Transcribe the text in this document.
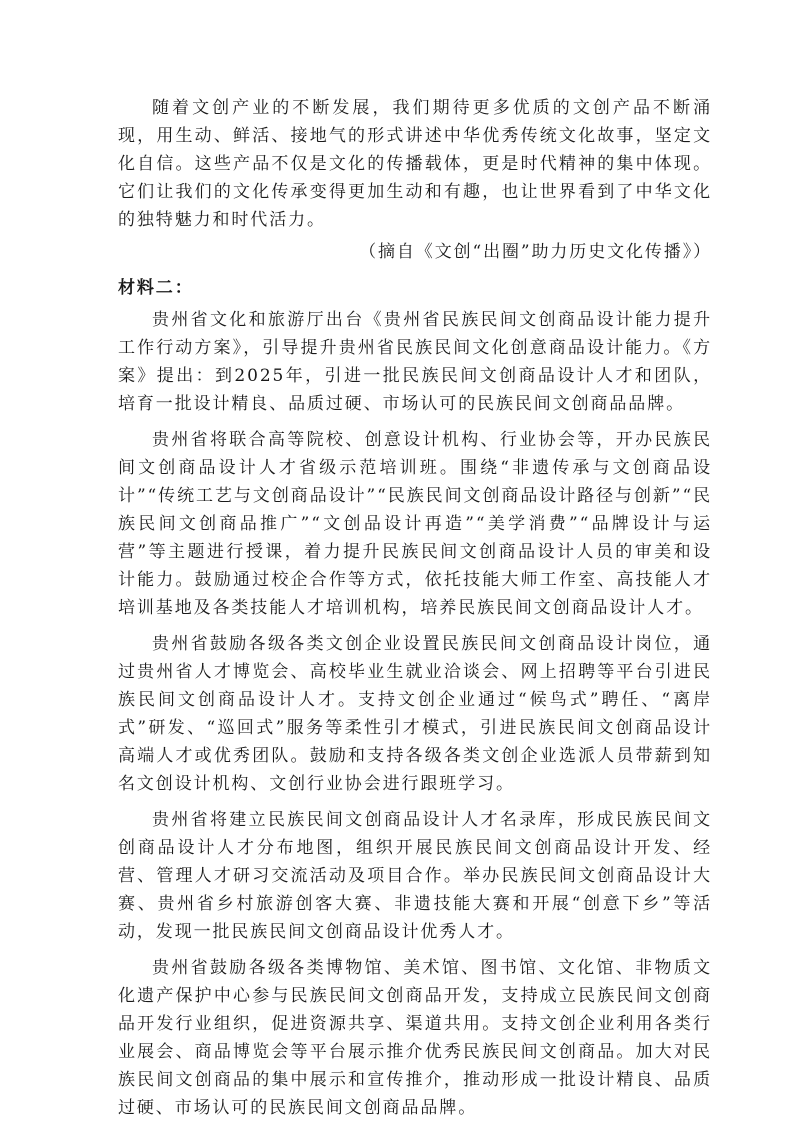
随着文创产业的不断发展，我们期待更多优质的文创产品不断涌现，用生动、鲜活、接地气的形式讲述中华优秀传统文化故事，坚定文化自信。这些产品不仅是文化的传播载体，更是时代精神的集中体现。它们让我们的文化传承变得更加生动和有趣，也让世界看到了中华文化的独特魅力和时代活力。

（摘自《文创“出圈”助力历史文化传播》）

材料二：

贵州省文化和旅游厅出台《贵州省民族民间文创商品设计能力提升工作行动方案》，引导提升贵州省民族民间文化创意商品设计能力。《方案》提出：到2025年，引进一批民族民间文创商品设计人才和团队，培育一批设计精良、品质过硬、市场认可的民族民间文创商品品牌。

贵州省将联合高等院校、创意设计机构、行业协会等，开办民族民间文创商品设计人才省级示范培训班。围绕“非遗传承与文创商品设计”“传统工艺与文创商品设计”“民族民间文创商品设计路径与创新”“民族民间文创商品推广”“文创品设计再造”“美学消费”“品牌设计与运营”等主题进行授课，着力提升民族民间文创商品设计人员的审美和设计能力。鼓励通过校企合作等方式，依托技能大师工作室、高技能人才培训基地及各类技能人才培训机构，培养民族民间文创商品设计人才。

贵州省鼓励各级各类文创企业设置民族民间文创商品设计岗位，通过贵州省人才博览会、高校毕业生就业洽谈会、网上招聘等平台引进民族民间文创商品设计人才。支持文创企业通过“候鸟式”聘任、“离岸式”研发、“巡回式”服务等柔性引才模式，引进民族民间文创商品设计高端人才或优秀团队。鼓励和支持各级各类文创企业选派人员带薪到知名文创设计机构、文创行业协会进行跟班学习。

贵州省将建立民族民间文创商品设计人才名录库，形成民族民间文创商品设计人才分布地图，组织开展民族民间文创商品设计开发、经营、管理人才研习交流活动及项目合作。举办民族民间文创商品设计大赛、贵州省乡村旅游创客大赛、非遗技能大赛和开展“创意下乡”等活动，发现一批民族民间文创商品设计优秀人才。

贵州省鼓励各级各类博物馆、美术馆、图书馆、文化馆、非物质文化遗产保护中心参与民族民间文创商品开发，支持成立民族民间文创商品开发行业组织，促进资源共享、渠道共用。支持文创企业利用各类行业展会、商品博览会等平台展示推介优秀民族民间文创商品。加大对民族民间文创商品的集中展示和宣传推介，推动形成一批设计精良、品质过硬、市场认可的民族民间文创商品品牌。
